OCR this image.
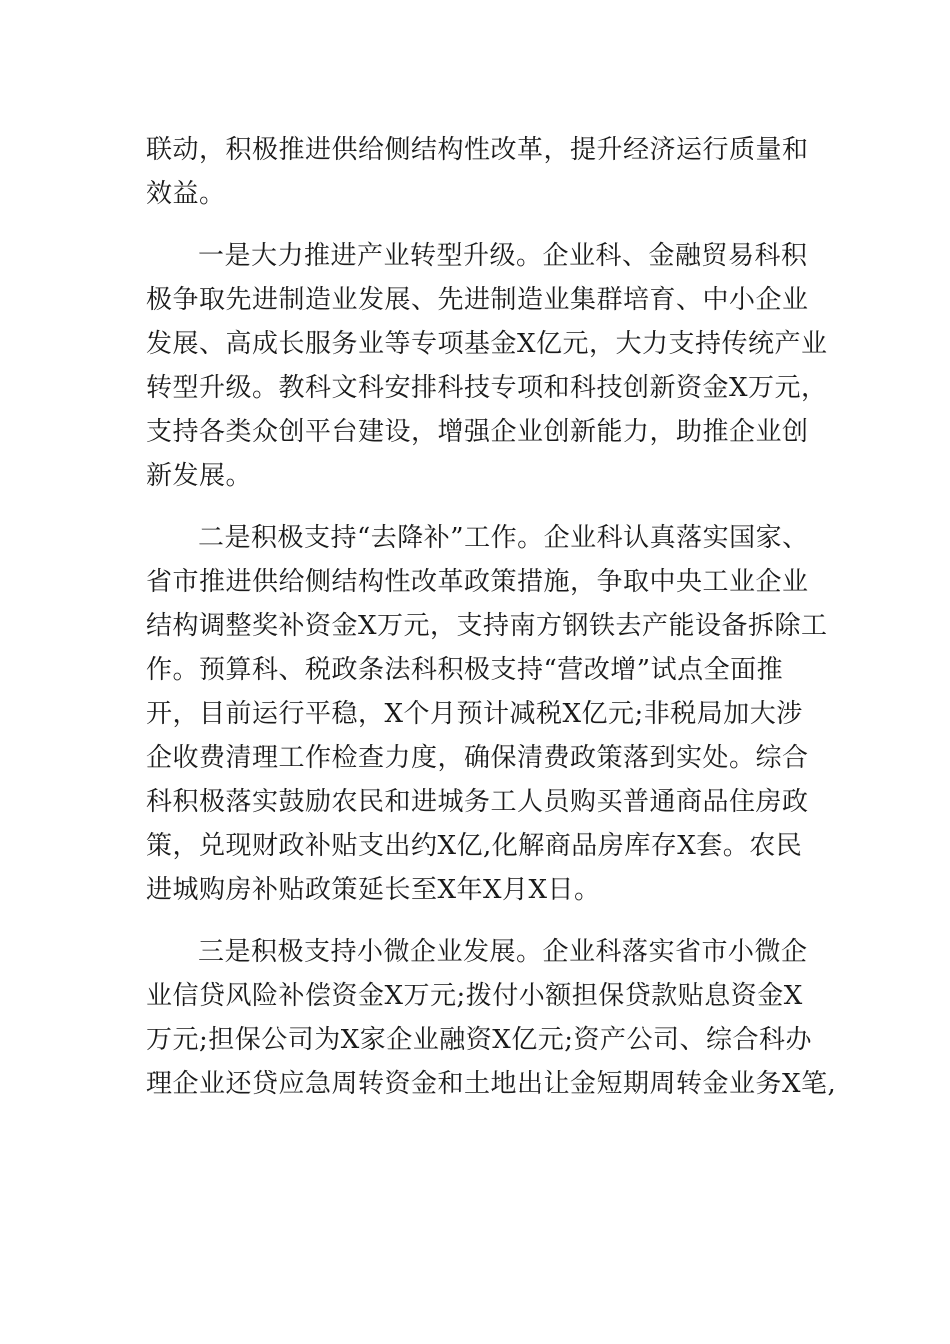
联动，积极推进供给侧结构性改革，提升经济运行质量和
效益。
一是大力推进产业转型升级。企业科、金融贸易科积
极争取先进制造业发展、先进制造业集群培育、中小企业
发展、高成长服务业等专项基金X亿元，大力支持传统产业
转型升级。教科文科安排科技专项和科技创新资金X万元，
支持各类众创平台建设，增强企业创新能力，助推企业创
新发展。
二是积极支持“去降补”工作。企业科认真落实国家、
省市推进供给侧结构性改革政策措施，争取中央工业企业
结构调整奖补资金X万元，支持南方钢铁去产能设备拆除工
作。预算科、税政条法科积极支持“营改增”试点全面推
开，目前运行平稳，X个月预计减税X亿元;非税局加大涉
企收费清理工作检查力度，确保清费政策落到实处。综合
科积极落实鼓励农民和进城务工人员购买普通商品住房政
策，兑现财政补贴支出约X亿,化解商品房库存X套。农民
进城购房补贴政策延长至X年X月X日。
三是积极支持小微企业发展。企业科落实省市小微企
业信贷风险补偿资金X万元;拨付小额担保贷款贴息资金X
万元;担保公司为X家企业融资X亿元;资产公司、综合科办
理企业还贷应急周转资金和土地出让金短期周转金业务X笔,
